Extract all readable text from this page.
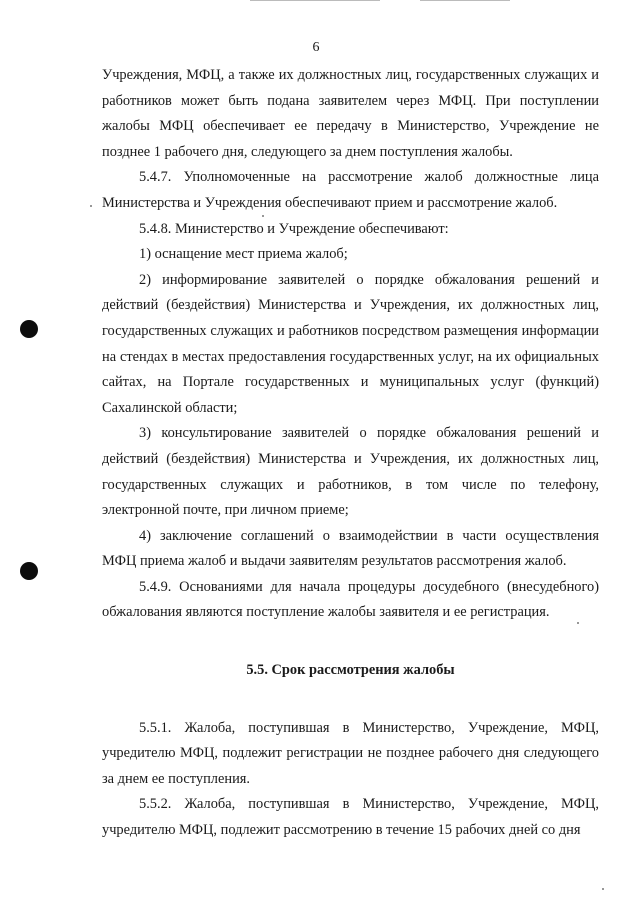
6

Учреждения, МФЦ, а также их должностных лиц, государственных служащих и работников может быть подана заявителем через МФЦ. При поступлении жалобы МФЦ обеспечивает ее передачу в Министерство, Учреждение не позднее 1 рабочего дня, следующего за днем поступления жалобы.

5.4.7. Уполномоченные на рассмотрение жалоб должностные лица Министерства и Учреждения обеспечивают прием и рассмотрение жалоб.

5.4.8. Министерство и Учреждение обеспечивают:

1) оснащение мест приема жалоб;

2) информирование заявителей о порядке обжалования решений и действий (бездействия) Министерства и Учреждения, их должностных лиц, государственных служащих и работников посредством размещения информации на стендах в местах предоставления государственных услуг, на их официальных сайтах, на Портале государственных и муниципальных услуг (функций) Сахалинской области;

3) консультирование заявителей о порядке обжалования решений и действий (бездействия) Министерства и Учреждения, их должностных лиц, государственных служащих и работников, в том числе по телефону, электронной почте, при личном приеме;

4) заключение соглашений о взаимодействии в части осуществления МФЦ приема жалоб и выдачи заявителям результатов рассмотрения жалоб.

5.4.9. Основаниями для начала процедуры досудебного (внесудебного) обжалования являются поступление жалобы заявителя и ее регистрация.

5.5. Срок рассмотрения жалобы

5.5.1. Жалоба, поступившая в Министерство, Учреждение, МФЦ, учредителю МФЦ, подлежит регистрации не позднее рабочего дня следующего за днем ее поступления.

5.5.2. Жалоба, поступившая в Министерство, Учреждение, МФЦ, учредителю МФЦ, подлежит рассмотрению в течение 15 рабочих дней со дня
